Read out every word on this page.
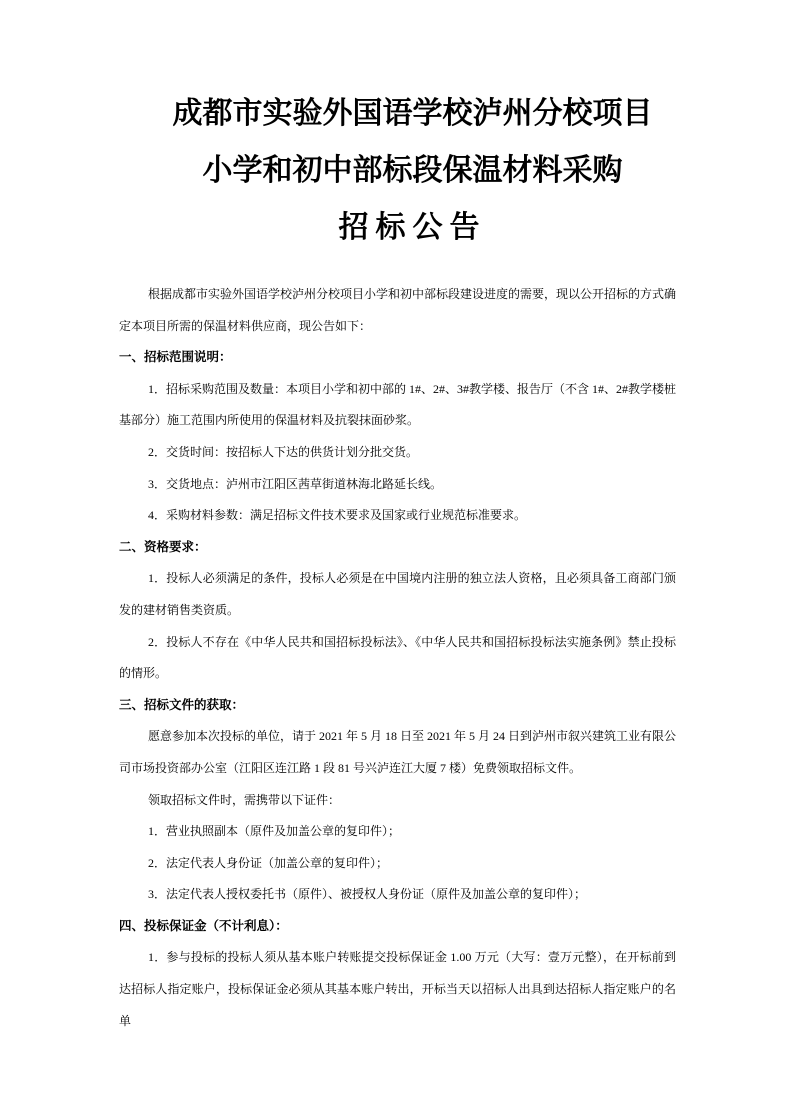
成都市实验外国语学校泸州分校项目
小学和初中部标段保温材料采购
招标公告

根据成都市实验外国语学校泸州分校项目小学和初中部标段建设进度的需要，现以公开招标的方式确定本项目所需的保温材料供应商，现公告如下：

一、招标范围说明：

1．招标采购范围及数量：本项目小学和初中部的 1#、2#、3#教学楼、报告厅（不含 1#、2#教学楼桩基部分）施工范围内所使用的保温材料及抗裂抹面砂浆。

2．交货时间：按招标人下达的供货计划分批交货。

3．交货地点：泸州市江阳区茜草街道林海北路延长线。

4．采购材料参数：满足招标文件技术要求及国家或行业规范标准要求。

二、资格要求：

1．投标人必须满足的条件，投标人必须是在中国境内注册的独立法人资格，且必须具备工商部门颁发的建材销售类资质。

2．投标人不存在《中华人民共和国招标投标法》、《中华人民共和国招标投标法实施条例》禁止投标的情形。

三、招标文件的获取：

愿意参加本次投标的单位，请于 2021 年 5 月 18 日至 2021 年 5 月 24 日到泸州市叙兴建筑工业有限公司市场投资部办公室（江阳区连江路 1 段 81 号兴泸连江大厦 7 楼）免费领取招标文件。

领取招标文件时，需携带以下证件：

1．营业执照副本（原件及加盖公章的复印件）；

2．法定代表人身份证（加盖公章的复印件）；

3．法定代表人授权委托书（原件）、被授权人身份证（原件及加盖公章的复印件）；

四、投标保证金（不计利息）：

1．参与投标的投标人须从基本账户转账提交投标保证金 1.00 万元（大写：壹万元整），在开标前到达招标人指定账户，投标保证金必须从其基本账户转出，开标当天以招标人出具到达招标人指定账户的名单
